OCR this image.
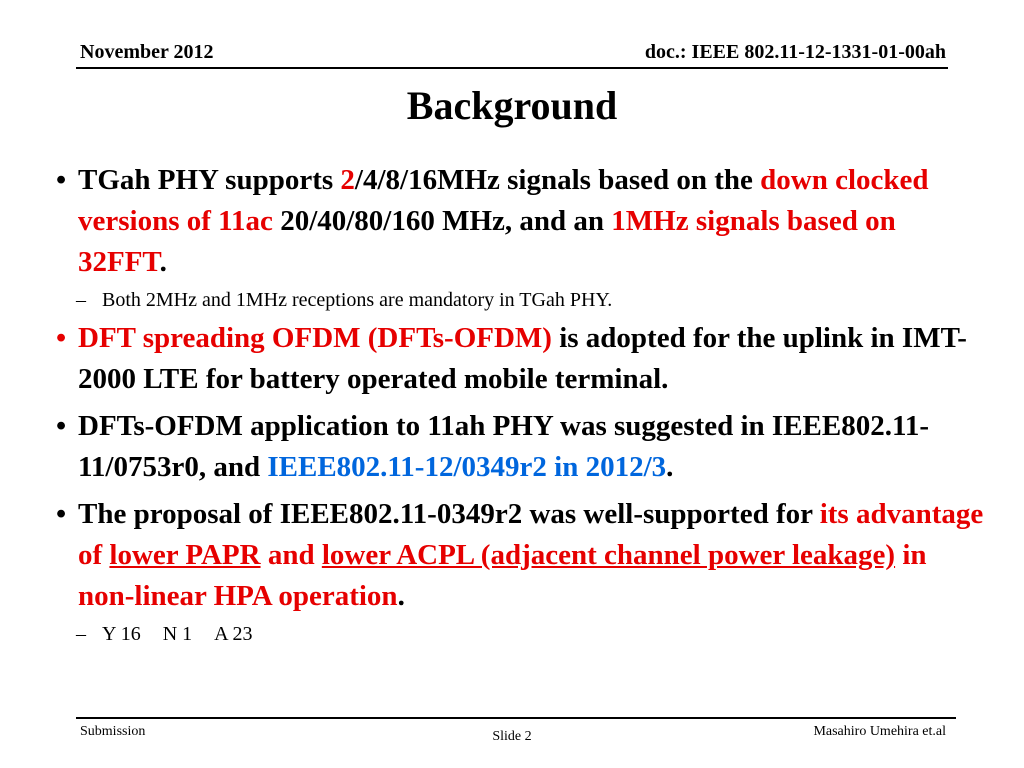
November 2012	doc.: IEEE 802.11-12-1331-01-00ah
Background
• TGah PHY supports 2/4/8/16MHz signals based on the down clocked versions of 11ac 20/40/80/160 MHz, and an 1MHz signals based on 32FFT.
– Both 2MHz and 1MHz receptions are mandatory in TGah PHY.
• DFT spreading OFDM (DFTs-OFDM) is adopted for the uplink in IMT-2000 LTE for battery operated mobile terminal.
• DFTs-OFDM application to 11ah PHY was suggested in IEEE802.11-11/0753r0, and IEEE802.11-12/0349r2 in 2012/3.
• The proposal of IEEE802.11-0349r2 was well-supported for its advantage of lower PAPR and lower ACPL (adjacent channel power leakage) in non-linear HPA operation.
– Y 16 N 1 A 23
Submission	Slide 2	Masahiro Umehira et.al
